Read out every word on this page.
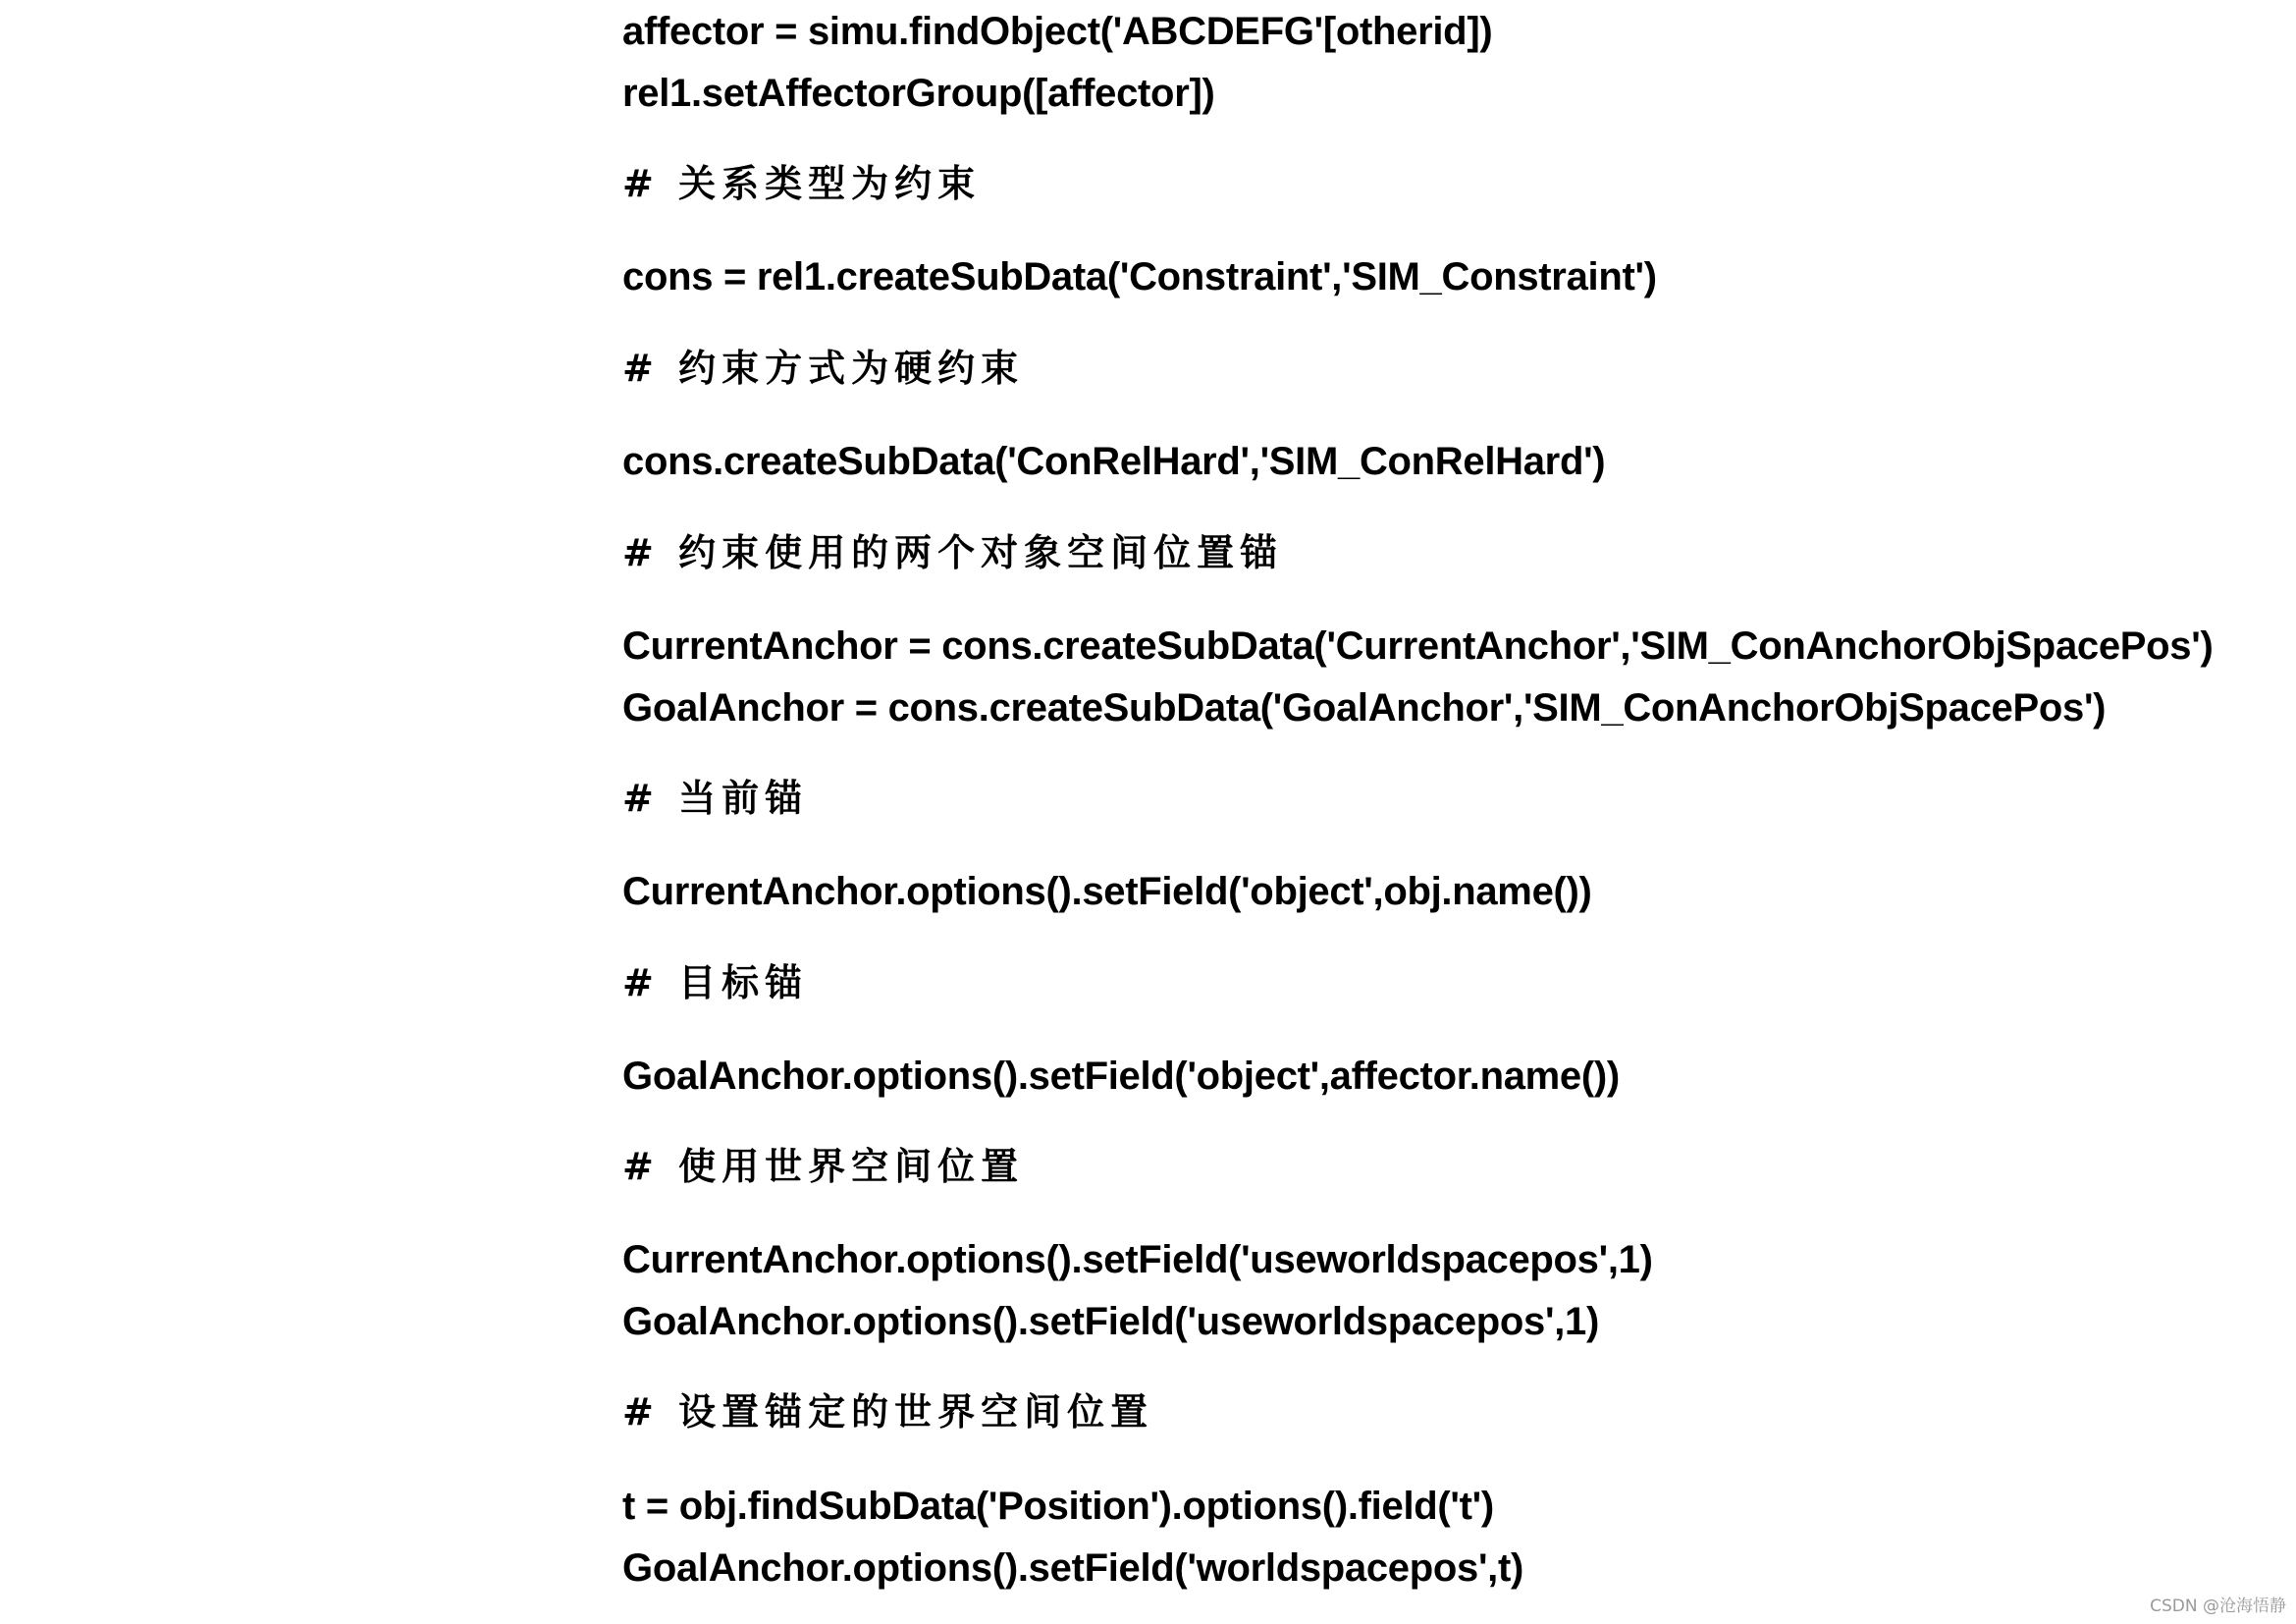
affector = simu.findObject('ABCDEFG'[otherid])
rel1.setAffectorGroup([affector])
# 关系类型为约束
cons = rel1.createSubData('Constraint','SIM_Constraint')
# 约束方式为硬约束
cons.createSubData('ConRelHard','SIM_ConRelHard')
# 约束使用的两个对象空间位置锚
CurrentAnchor = cons.createSubData('CurrentAnchor','SIM_ConAnchorObjSpacePos')
GoalAnchor = cons.createSubData('GoalAnchor','SIM_ConAnchorObjSpacePos')
# 当前锚
CurrentAnchor.options().setField('object',obj.name())
# 目标锚
GoalAnchor.options().setField('object',affector.name())
# 使用世界空间位置
CurrentAnchor.options().setField('useworldspacepos',1)
GoalAnchor.options().setField('useworldspacepos',1)
# 设置锚定的世界空间位置
t = obj.findSubData('Position').options().field('t')
GoalAnchor.options().setField('worldspacepos',t)
CSDN @沧海悟静
